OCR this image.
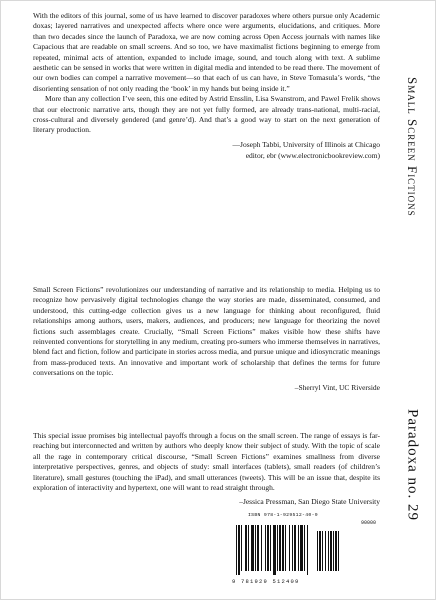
With the editors of this journal, some of us have learned to discover paradoxes where others pursue only Academic doxas; layered narratives and unexpected affects where once were arguments, elucidations, and critiques. More than two decades since the launch of Paradoxa, we are now coming across Open Access journals with names like Capacious that are readable on small screens. And so too, we have maximalist fictions beginning to emerge from repeated, minimal acts of attention, expanded to include image, sound, and touch along with text. A sublime aesthetic can be sensed in works that were written in digital media and intended to be read there. The movement of our own bodies can compel a narrative movement—so that each of us can have, in Steve Tomasula’s words, “the disorienting sensation of not only reading the ‘book’ in my hands but being inside it.”

More than any collection I’ve seen, this one edited by Astrid Ensslin, Lisa Swanstrom, and Pawel Frelik shows that our electronic narrative arts, though they are not yet fully formed, are already trans-national, multi-racial, cross-cultural and diversely gendered (and genre’d). And that’s a good way to start on the next generation of literary production.

—Joseph Tabbi, University of Illinois at Chicago

editor, ebr (www.electronicbookreview.com)

Small Screen Fictions” revolutionizes our understanding of narrative and its relationship to media. Helping us to recognize how pervasively digital technologies change the way stories are made, disseminated, consumed, and understood, this cutting-edge collection gives us a new language for thinking about reconfigured, fluid relationships among authors, users, makers, audiences, and producers; new language for theorizing the novel fictions such assemblages create. Crucially, “Small Screen Fictions” makes visible how these shifts have reinvented conventions for storytelling in any medium, creating pro-sumers who immerse themselves in narratives, blend fact and fiction, follow and participate in stories across media, and pursue unique and idiosyncratic meanings from mass-produced texts. An innovative and important work of scholarship that defines the terms for future conversations on the topic.

–Sherryl Vint, UC Riverside

This special issue promises big intellectual payoffs through a focus on the small screen. The range of essays is far-reaching but interconnected and written by authors who deeply know their subject of study. With the topic of scale all the rage in contemporary critical discourse, “Small Screen Fictions” examines smallness from diverse interpretative perspectives, genres, and objects of study: small interfaces (tablets), small readers (of children’s literature), small gestures (touching the iPad), and small utterances (tweets). This will be an issue that, despite its exploration of interactivity and hypertext, one will want to read straight through.

–Jessica Pressman, San Diego State University

Small Screen Fictions
Paradoxa no. 29
ISBN 978-1-929512-40-9
90000
9 781929 512409
